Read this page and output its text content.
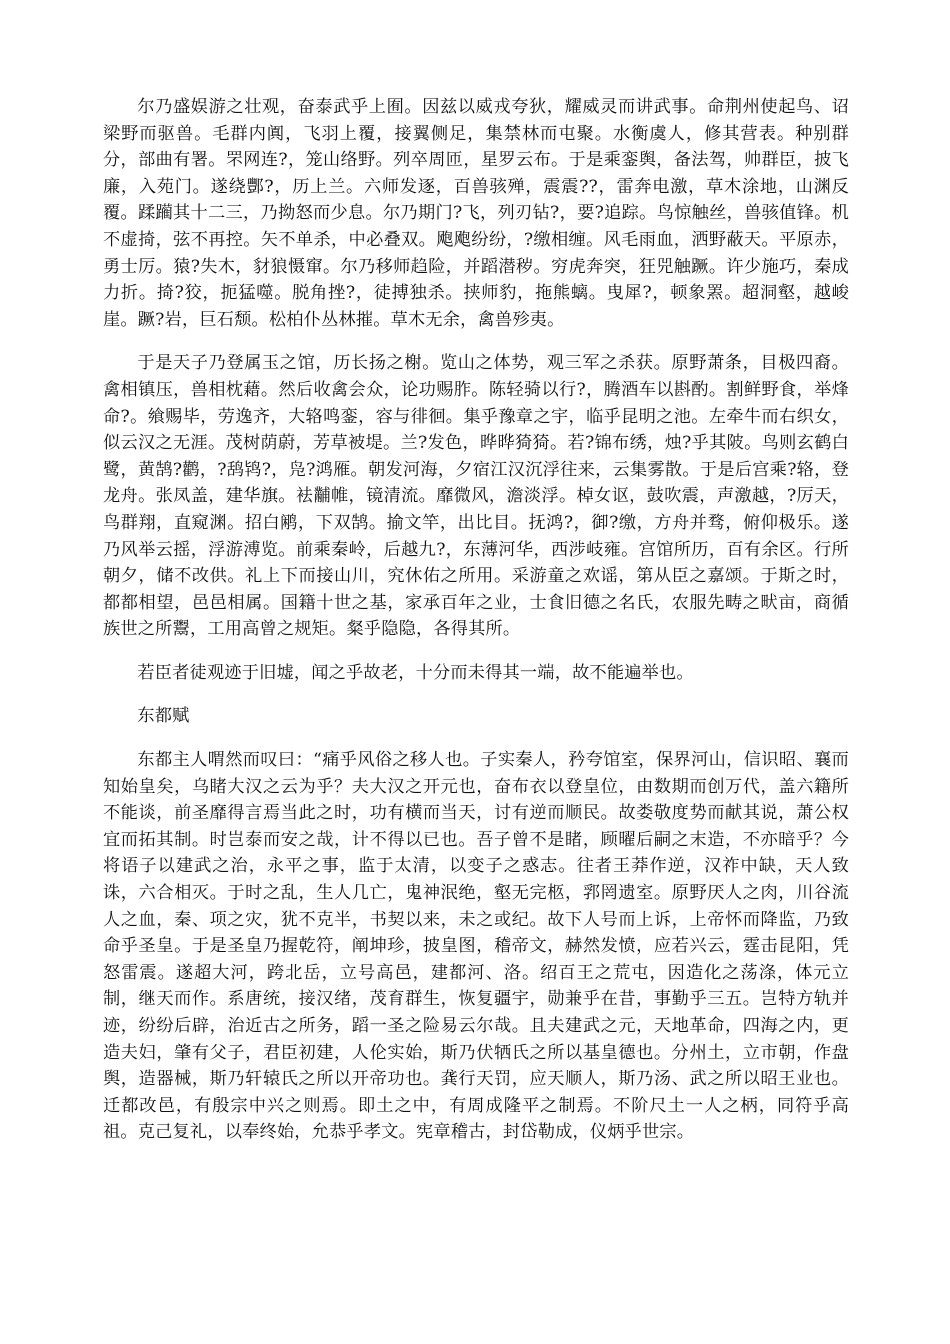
尔乃盛娱游之壮观，奋泰武乎上囿。因兹以威戎夸狄，耀威灵而讲武事。命荆州使起鸟、诏梁野而驱兽。毛群内阗，飞羽上覆，接翼侧足，集禁林而屯聚。水衡虞人，修其营表。种别群分，部曲有署。罘网连?，笼山络野。列卒周匝，星罗云布。于是乘銮舆，备法驾，帅群臣，披飞廉，入苑门。遂绕酆?，历上兰。六师发逐，百兽骇殚，震震??，雷奔电激，草木涂地，山渊反覆。蹂躏其十二三，乃拗怒而少息。尔乃期门?飞，列刃钻?，要?追踪。鸟惊触丝，兽骇值锋。机不虚掎，弦不再控。矢不单杀，中必叠双。飑飑纷纷，?缴相缠。风毛雨血，洒野蔽天。平原赤，勇士厉。猿?失木，豺狼慑窜。尔乃移师趋险，并蹈潜秽。穷虎奔突，狂兕触蹶。许少施巧，秦成力折。掎?狡，扼猛噬。脱角挫?，徒搏独杀。挟师豹，拖熊螭。曳犀?，顿象罴。超洞壑，越峻崖。蹶?岩，巨石颓。松柏仆丛林摧。草木无余，禽兽殄夷。

于是天子乃登属玉之馆，历长扬之榭。览山之体势，观三军之杀获。原野萧条，目极四裔。禽相镇压，兽相枕藉。然后收禽会众，论功赐胙。陈轻骑以行?，腾酒车以斟酌。割鲜野食，举烽命?。飨赐毕，劳逸齐，大辂鸣銮，容与徘徊。集乎豫章之宇，临乎昆明之池。左牵牛而右织女，似云汉之无涯。茂树荫蔚，芳草被堤。兰?发色，晔晔猗猗。若?锦布绣，烛?乎其陂。鸟则玄鹤白鹭，黄鹄?鹳，?鸹鸨?，凫?鸿雁。朝发河海，夕宿江汉沉浮往来，云集雾散。于是后宫乘?辂，登龙舟。张凤盖，建华旗。袪黼帷，镜清流。靡微风，澹淡浮。棹女讴，鼓吹震，声激越，?厉天，鸟群翔，直窥渊。招白鹇，下双鹄。揄文竿，出比目。抚鸿?，御?缴，方舟并骛，俯仰极乐。遂乃风举云摇，浮游溥览。前乘秦岭，后越九?，东薄河华，西涉岐雍。宫馆所历，百有余区。行所朝夕，储不改供。礼上下而接山川，究休佑之所用。采游童之欢谣，第从臣之嘉颂。于斯之时，都都相望，邑邑相属。国籍十世之基，家承百年之业，士食旧德之名氏，农服先畴之畎亩，商循族世之所鬻，工用高曾之规矩。粲乎隐隐，各得其所。

若臣者徒观迹于旧墟，闻之乎故老，十分而未得其一端，故不能遍举也。

东都赋

东都主人喟然而叹曰：“痛乎风俗之移人也。子实秦人，矜夸馆室，保界河山，信识昭、襄而知始皇矣，乌睹大汉之云为乎？夫大汉之开元也，奋布衣以登皇位，由数期而创万代，盖六籍所不能谈，前圣靡得言焉当此之时，功有横而当天，讨有逆而顺民。故娄敬度势而献其说，萧公权宜而拓其制。时岂泰而安之哉，计不得以已也。吾子曾不是睹，顾曜后嗣之末造，不亦暗乎？今将语子以建武之治，永平之事，监于太清，以变子之惑志。往者王莽作逆，汉祚中缺，天人致诛，六合相灭。于时之乱，生人几亡，鬼神泯绝，壑无完柩，郛罔遗室。原野厌人之肉，川谷流人之血，秦、项之灾，犹不克半，书契以来，未之或纪。故下人号而上诉，上帝怀而降监，乃致命乎圣皇。于是圣皇乃握乾符，阐坤珍，披皇图，稽帝文，赫然发愤，应若兴云，霆击昆阳，凭怒雷震。遂超大河，跨北岳，立号高邑，建都河、洛。绍百王之荒屯，因造化之荡涤，体元立制，继天而作。系唐统，接汉绪，茂育群生，恢复疆宇，勋兼乎在昔，事勤乎三五。岂特方轨并迹，纷纷后辟，治近古之所务，蹈一圣之险易云尔哉。且夫建武之元，天地革命，四海之内，更造夫妇，肇有父子，君臣初建，人伦实始，斯乃伏牺氏之所以基皇德也。分州土，立市朝，作盘舆，造器械，斯乃轩辕氏之所以开帝功也。龚行天罚，应天顺人，斯乃汤、武之所以昭王业也。迁都改邑，有殷宗中兴之则焉。即土之中，有周成隆平之制焉。不阶尺土一人之柄，同符乎高祖。克己复礼，以奉终始，允恭乎孝文。宪章稽古，封岱勒成，仪炳乎世宗。
